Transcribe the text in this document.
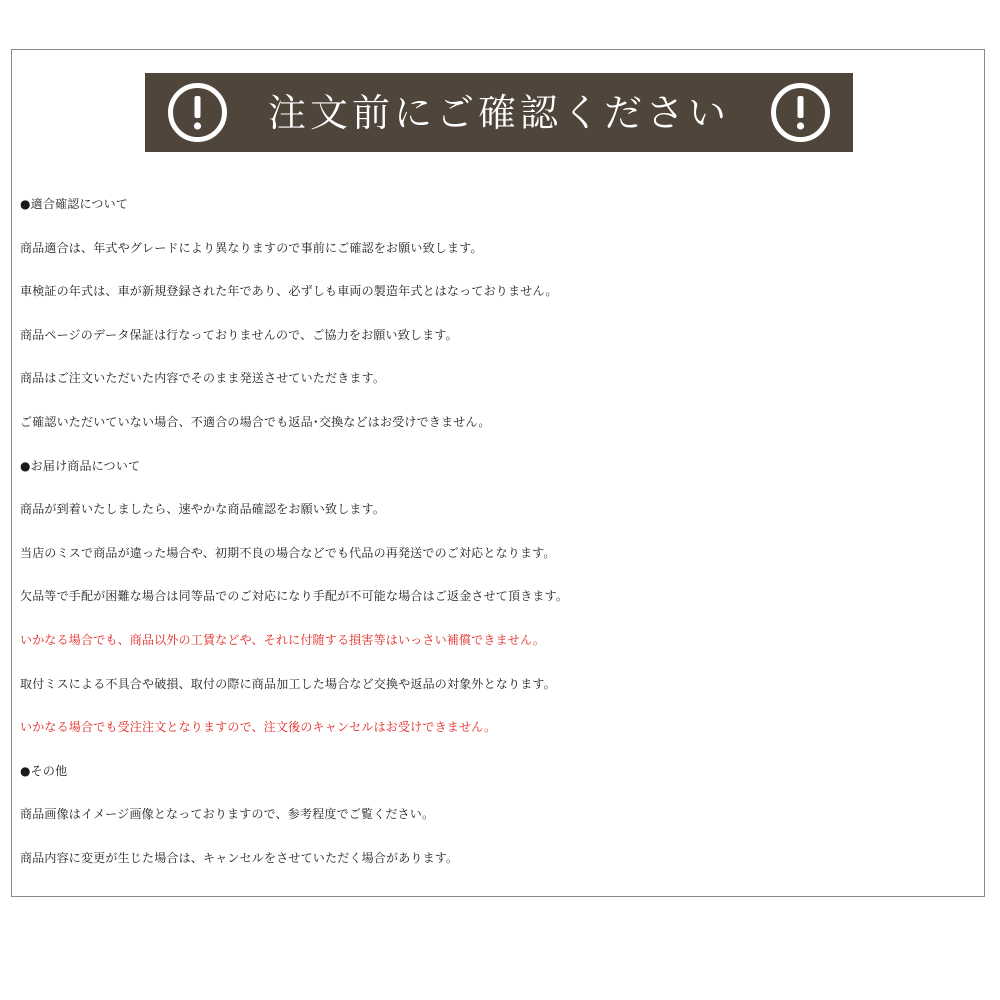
注文前にご確認ください
●適合確認について
商品適合は、年式やグレードにより異なりますので事前にご確認をお願い致します。
車検証の年式は、車が新規登録された年であり、必ずしも車両の製造年式とはなっておりません。
商品ページのデータ保証は行なっておりませんので、ご協力をお願い致します。
商品はご注文いただいた内容でそのまま発送させていただきます。
ご確認いただいていない場合、不適合の場合でも返品･交換などはお受けできません。
●お届け商品について
商品が到着いたしましたら、速やかな商品確認をお願い致します。
当店のミスで商品が違った場合や、初期不良の場合などでも代品の再発送でのご対応となります。
欠品等で手配が困難な場合は同等品でのご対応になり手配が不可能な場合はご返金させて頂きます。
いかなる場合でも、商品以外の工賃などや、それに付随する損害等はいっさい補償できません。
取付ミスによる不具合や破損、取付の際に商品加工した場合など交換や返品の対象外となります。
いかなる場合でも受注注文となりますので、注文後のキャンセルはお受けできません。
●その他
商品画像はイメージ画像となっておりますので、参考程度でご覧ください。
商品内容に変更が生じた場合は、キャンセルをさせていただく場合があります。
